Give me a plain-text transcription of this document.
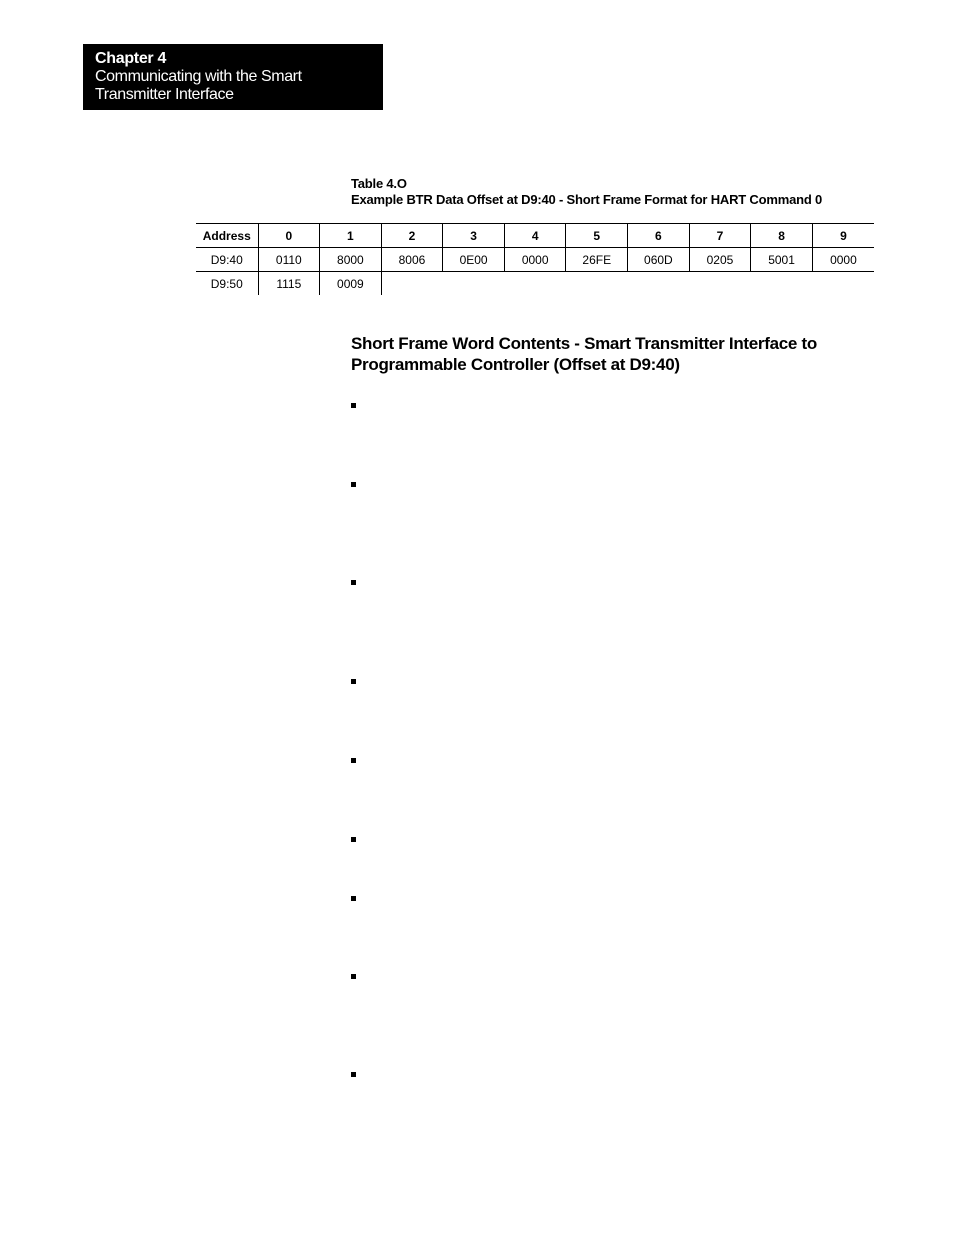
Chapter 4
Communicating with the Smart
Transmitter Interface
Table 4.O
Example BTR Data Offset at D9:40 - Short Frame Format for HART Command 0
Address	0	1	2	3	4	5	6	7	8	9
D9:40	0110	8000	8006	0E00	0000	26FE	060D	0205	5001	0000
D9:50	1115	0009								
Short Frame Word Contents - Smart Transmitter Interface to
Programmable Controller (Offset at D9:40)
